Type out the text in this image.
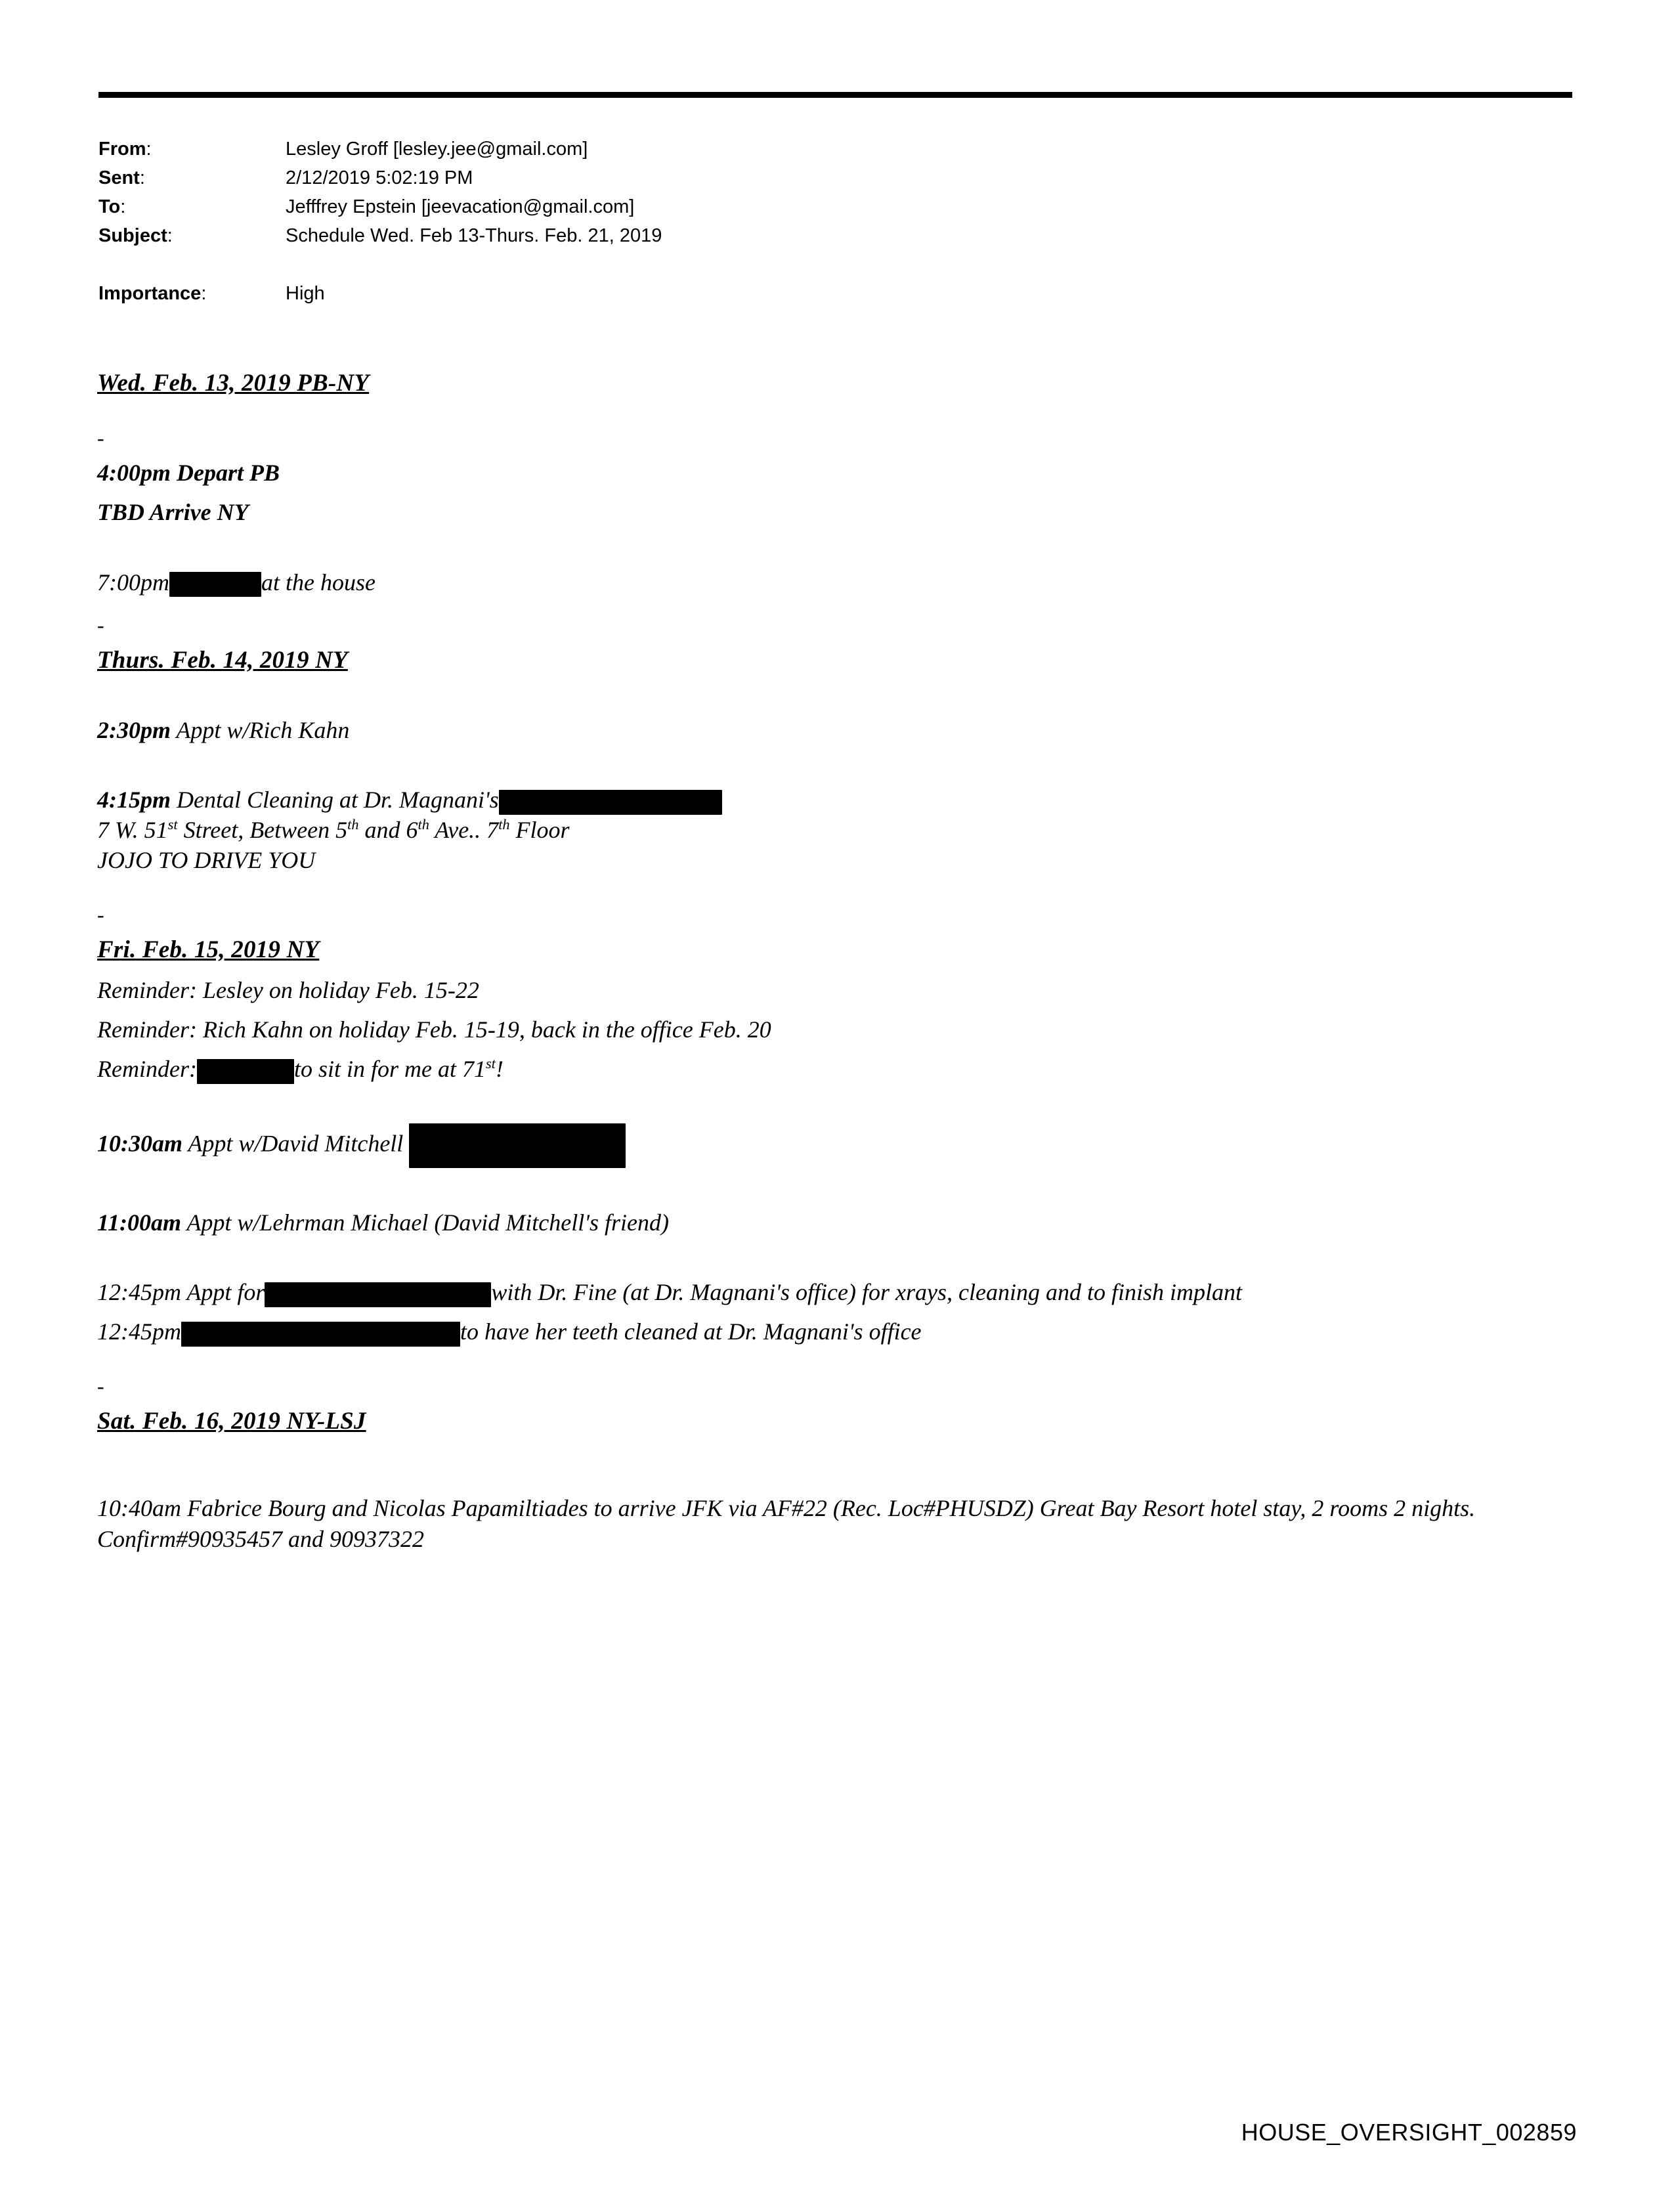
From:	Lesley Groff [lesley.jee@gmail.com]
Sent:	2/12/2019 5:02:19 PM
To:	Jefffrey Epstein [jeevacation@gmail.com]
Subject:	Schedule Wed. Feb 13-Thurs. Feb. 21, 2019
Importance:	High
Wed. Feb. 13, 2019 PB-NY
-
4:00pm Depart PB
TBD Arrive NY
7:00pm	at the house
-
Thurs. Feb. 14, 2019 NY
2:30pm Appt w/Rich Kahn
4:15pm Dental Cleaning at Dr. Magnani's
7 W. 51st Street, Between 5th and 6th Ave.. 7th Floor
JOJO TO DRIVE YOU
-
Fri. Feb. 15, 2019 NY
Reminder: Lesley on holiday Feb. 15-22
Reminder: Rich Kahn on holiday Feb. 15-19, back in the office Feb. 20
Reminder:	to sit in for me at 71st!
10:30am Appt w/David Mitchell
11:00am Appt w/Lehrman Michael (David Mitchell's friend)
12:45pm Appt for	with Dr. Fine (at Dr. Magnani's office) for xrays, cleaning and to finish implant
12:45pm	to have her teeth cleaned at Dr. Magnani's office
-
Sat. Feb. 16, 2019 NY-LSJ
10:40am Fabrice Bourg and Nicolas Papamiltiades to arrive JFK via AF#22 (Rec. Loc#PHUSDZ) Great Bay Resort hotel stay, 2 rooms 2 nights. Confirm#90935457 and 90937322
HOUSE_OVERSIGHT_002859
